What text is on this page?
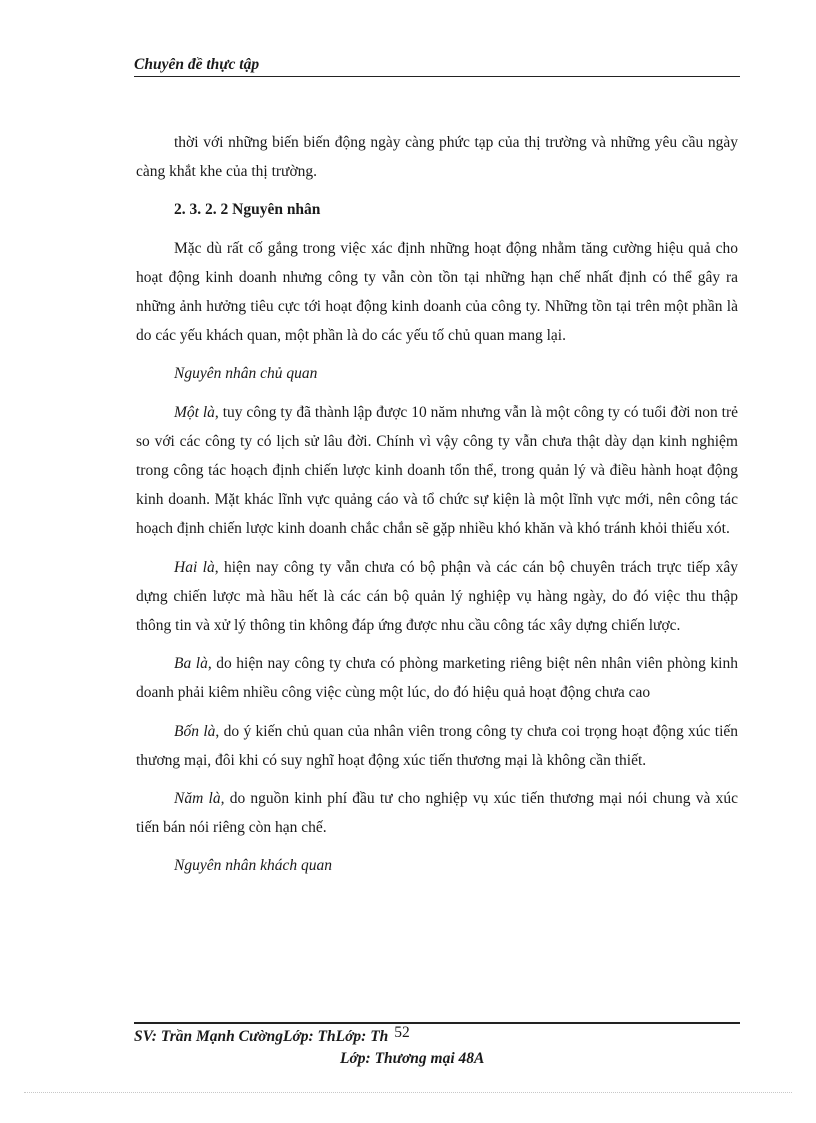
Chuyên đề thực tập

thời với những biến biến động ngày càng phức tạp của thị trường và những yêu cầu ngày càng khắt khe của thị trường.

2. 3. 2. 2 Nguyên nhân

Mặc dù rất cố gắng trong việc xác định những hoạt động nhằm tăng cường hiệu quả cho hoạt động kinh doanh nhưng công ty vẫn còn tồn tại những hạn chế nhất định có thể gây ra những ảnh hưởng tiêu cực tới hoạt động kinh doanh của công ty. Những tồn tại trên một phần là do các yếu khách quan, một phần là do các yếu tố chủ quan mang lại.

Nguyên nhân chủ quan

Một là, tuy công ty đã thành lập được 10 năm nhưng vẫn là một công ty có tuổi đời non trẻ so với các công ty có lịch sử lâu đời. Chính vì vậy công ty vẫn chưa thật dày dạn kinh nghiệm trong công tác hoạch định chiến lược kinh doanh tổn thể, trong quản lý và điều hành hoạt động kinh doanh. Mặt khác lĩnh vực quảng cáo và tổ chức sự kiện là một lĩnh vực mới, nên công tác hoạch định chiến lược kinh doanh chắc chắn sẽ gặp nhiều khó khăn và khó tránh khỏi thiếu xót.

Hai là, hiện nay công ty vẫn chưa có bộ phận và các cán bộ chuyên trách trực tiếp xây dựng chiến lược mà hầu hết là các cán bộ quản lý nghiệp vụ hàng ngày, do đó việc thu thập thông tin và xử lý thông tin không đáp ứng được nhu cầu công tác xây dựng chiến lược.

Ba là, do hiện nay công ty chưa có phòng marketing riêng biệt nên nhân viên phòng kinh doanh phải kiêm nhiều công việc cùng một lúc, do đó hiệu quả hoạt động chưa cao

Bốn là, do ý kiến chủ quan của nhân viên trong công ty chưa coi trọng hoạt động xúc tiến thương mại, đôi khi có suy nghĩ hoạt động xúc tiến thương mại là không cần thiết.

Năm là, do nguồn kinh phí đầu tư cho nghiệp vụ xúc tiến thương mại nói chung và xúc tiến bán nói riêng còn hạn chế.

Nguyên nhân khách quan

SV: Trần Mạnh CườngLớp: ThLớp: Th 52
Lớp: Thương mại 48A
